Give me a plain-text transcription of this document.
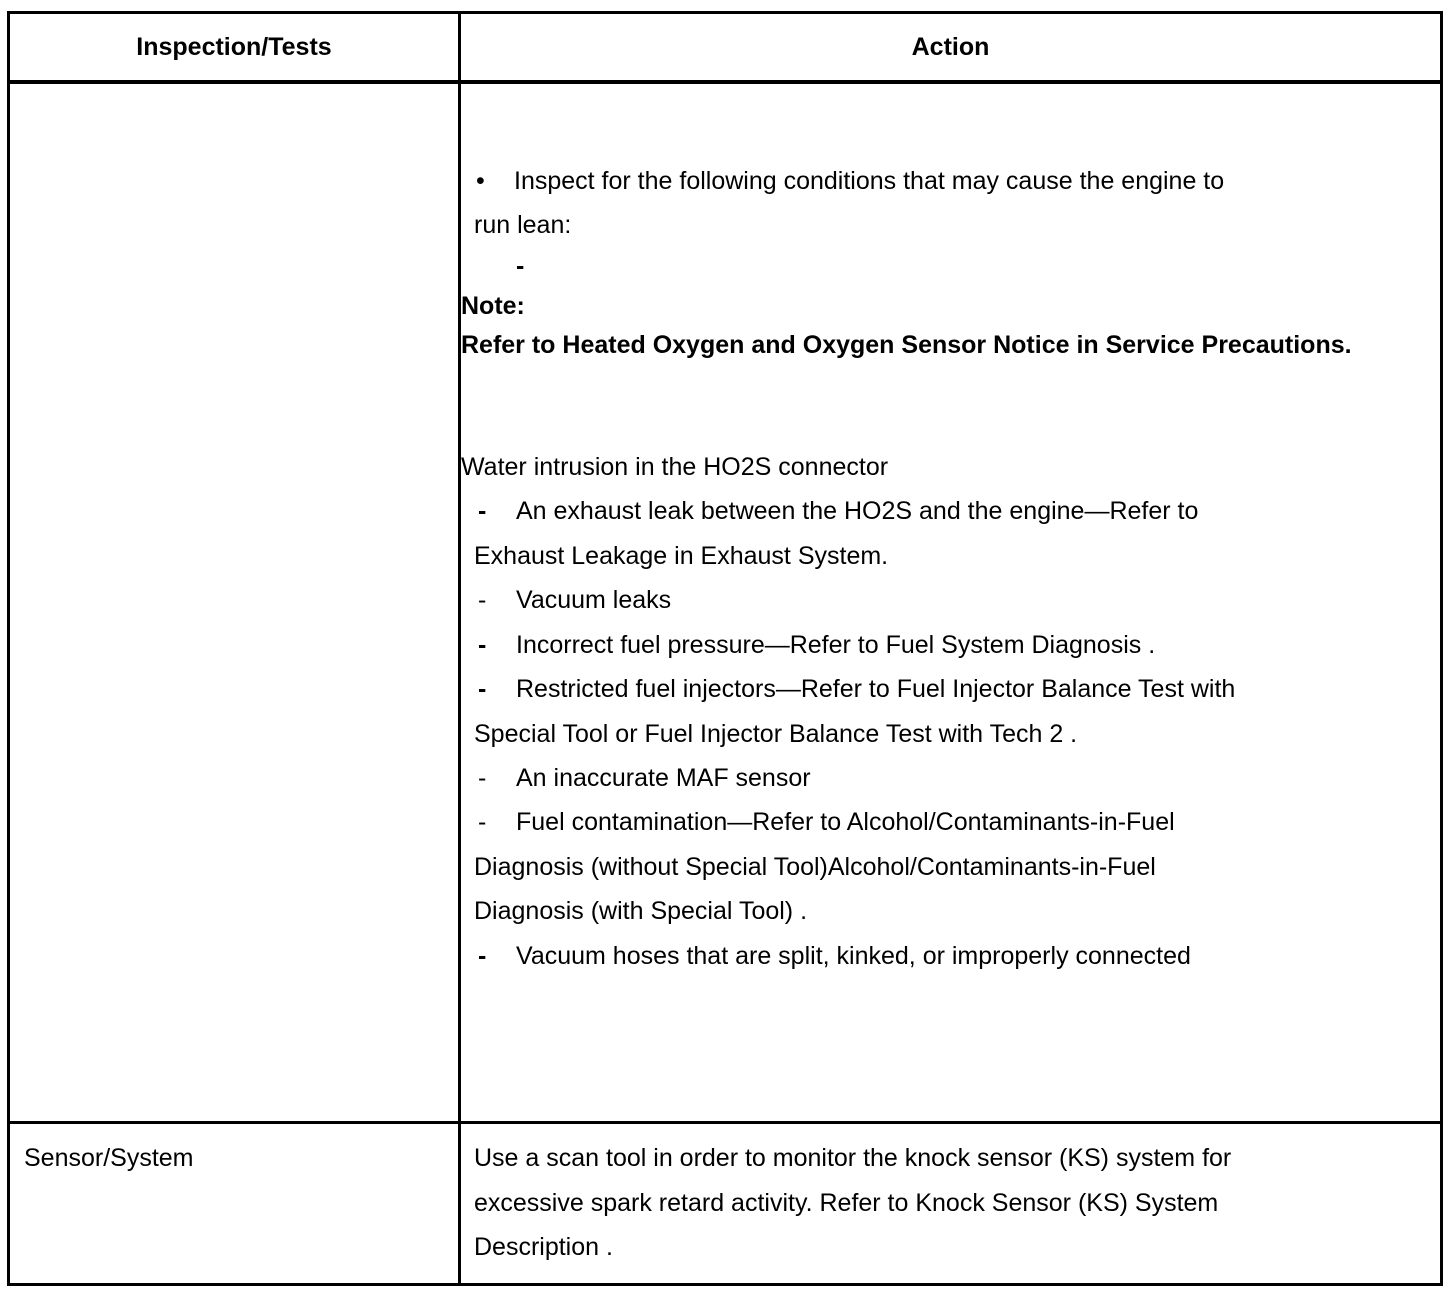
Inspection/Tests	Action
• Inspect for the following conditions that may cause the engine to
run lean:
-
Note:
Refer to Heated Oxygen and Oxygen Sensor Notice in Service Precautions.
Water intrusion in the HO2S connector
- An exhaust leak between the HO2S and the engine—Refer to
Exhaust Leakage in Exhaust System.
- Vacuum leaks
- Incorrect fuel pressure—Refer to Fuel System Diagnosis .
- Restricted fuel injectors—Refer to Fuel Injector Balance Test with
Special Tool or Fuel Injector Balance Test with Tech 2 .
- An inaccurate MAF sensor
- Fuel contamination—Refer to Alcohol/Contaminants-in-Fuel
Diagnosis (without Special Tool)Alcohol/Contaminants-in-Fuel
Diagnosis (with Special Tool) .
- Vacuum hoses that are split, kinked, or improperly connected
Sensor/System	Use a scan tool in order to monitor the knock sensor (KS) system for
excessive spark retard activity. Refer to Knock Sensor (KS) System
Description .
